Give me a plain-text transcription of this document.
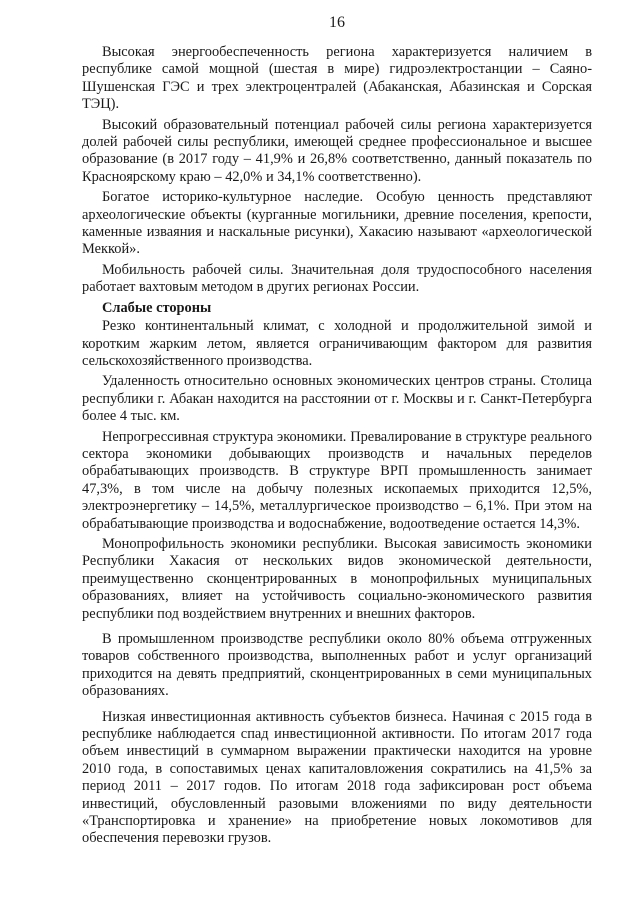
16

Высокая энергообеспеченность региона характеризуется наличием в республике самой мощной (шестая в мире) гидроэлектростанции – Саяно-Шушенская ГЭС и трех электроцентралей (Абаканская, Абазинская и Сорская ТЭЦ).

Высокий образовательный потенциал рабочей силы региона характеризуется долей рабочей силы республики, имеющей среднее профессиональное и высшее образование (в 2017 году – 41,9% и 26,8% соответственно, данный показатель по Красноярскому краю – 42,0% и 34,1% соответственно).

Богатое историко-культурное наследие. Особую ценность представляют археологические объекты (курганные могильники, древние поселения, крепости, каменные изваяния и наскальные рисунки), Хакасию называют «археологической Меккой».

Мобильность рабочей силы. Значительная доля трудоспособного населения работает вахтовым методом в других регионах России.

Слабые стороны

Резко континентальный климат, с холодной и продолжительной зимой и коротким жарким летом, является ограничивающим фактором для развития сельскохозяйственного производства.

Удаленность относительно основных экономических центров страны. Столица республики г. Абакан находится на расстоянии от г. Москвы и г. Санкт-Петербурга более 4 тыс. км.

Непрогрессивная структура экономики. Превалирование в структуре реального сектора экономики добывающих производств и начальных переделов обрабатывающих производств. В структуре ВРП промышленность занимает 47,3%, в том числе на добычу полезных ископаемых приходится 12,5%, электроэнергетику – 14,5%, металлургическое производство – 6,1%. При этом на обрабатывающие производства и водоснабжение, водоотведение остается 14,3%.

Монопрофильность экономики республики. Высокая зависимость экономики Республики Хакасия от нескольких видов экономической деятельности, преимущественно сконцентрированных в монопрофильных муниципальных образованиях, влияет на устойчивость социально-экономического развития республики под воздействием внутренних и внешних факторов.

В промышленном производстве республики около 80% объема отгруженных товаров собственного производства, выполненных работ и услуг организаций приходится на девять предприятий, сконцентрированных в семи муниципальных образованиях.

Низкая инвестиционная активность субъектов бизнеса. Начиная с 2015 года в республике наблюдается спад инвестиционной активности. По итогам 2017 года объем инвестиций в суммарном выражении практически находится на уровне 2010 года, в сопоставимых ценах капиталовложения сократились на 41,5% за период 2011 – 2017 годов. По итогам 2018 года зафиксирован рост объема инвестиций, обусловленный разовыми вложениями по виду деятельности «Транспортировка и хранение» на приобретение новых локомотивов для обеспечения перевозки грузов.
